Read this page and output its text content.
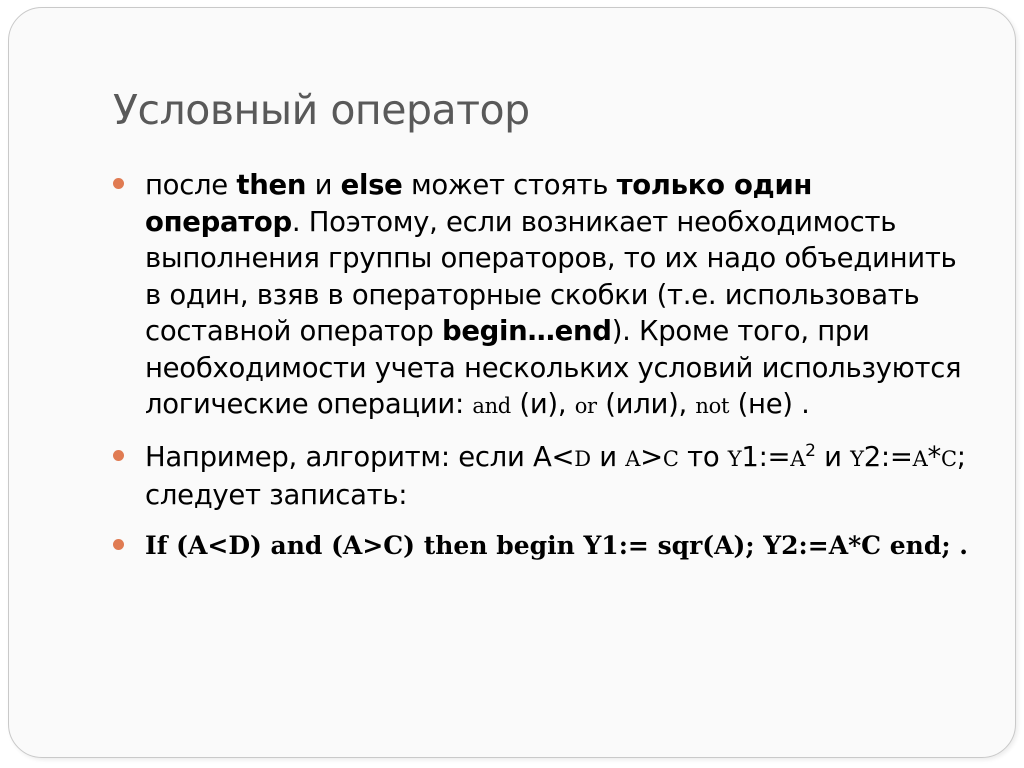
Условный оператор
после then и else может стоять только один оператор. Поэтому, если возникает необходимость выполнения группы операторов, то их надо объединить в один, взяв в операторные скобки (т.е. использовать составной оператор begin…end). Кроме того, при необходимости учета нескольких условий используются логические операции: and (и), or (или), not (не) .
Например, алгоритм: если А<D и A>C то $Y1:=A^2$ и Y2:=A*C; следует записать:
If (A<D) and (A>C) then begin Y1:= sqr(A); Y2:=A*C end; .
